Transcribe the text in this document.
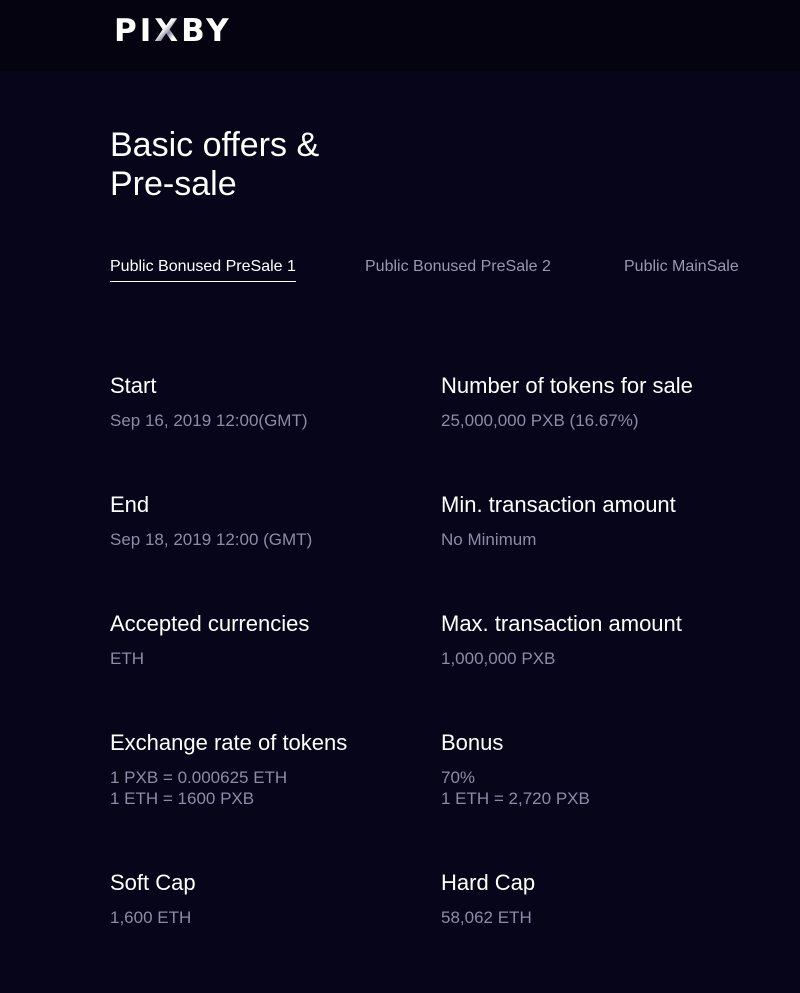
PIXBY
Basic offers & Pre-sale
Public Bonused PreSale 1	Public Bonused PreSale 2	Public MainSale
Start
Sep 16, 2019 12:00(GMT)
Number of tokens for sale
25,000,000 PXB (16.67%)
End
Sep 18, 2019 12:00 (GMT)
Min. transaction amount
No Minimum
Accepted currencies
ETH
Max. transaction amount
1,000,000 PXB
Exchange rate of tokens
1 PXB = 0.000625 ETH
1 ETH = 1600 PXB
Bonus
70%
1 ETH = 2,720 PXB
Soft Cap
1,600 ETH
Hard Cap
58,062 ETH
